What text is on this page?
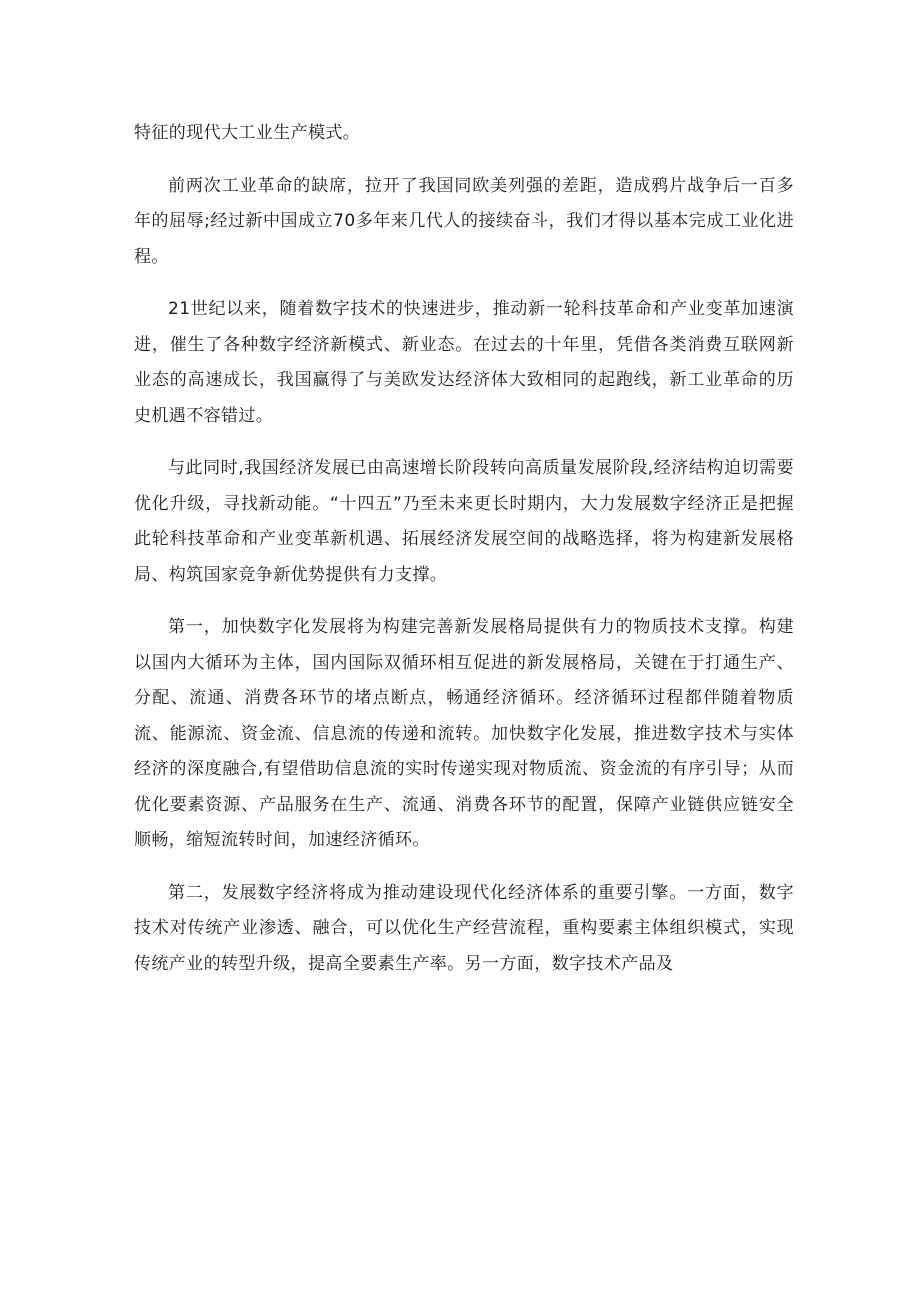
特征的现代大工业生产模式。

前两次工业革命的缺席，拉开了我国同欧美列强的差距，造成鸦片战争后一百多年的屈辱;经过新中国成立70多年来几代人的接续奋斗，我们才得以基本完成工业化进程。

21世纪以来，随着数字技术的快速进步，推动新一轮科技革命和产业变革加速演进，催生了各种数字经济新模式、新业态。在过去的十年里，凭借各类消费互联网新业态的高速成长，我国赢得了与美欧发达经济体大致相同的起跑线，新工业革命的历史机遇不容错过。

与此同时,我国经济发展已由高速增长阶段转向高质量发展阶段,经济结构迫切需要优化升级，寻找新动能。“十四五”乃至未来更长时期内，大力发展数字经济正是把握此轮科技革命和产业变革新机遇、拓展经济发展空间的战略选择，将为构建新发展格局、构筑国家竞争新优势提供有力支撑。

第一，加快数字化发展将为构建完善新发展格局提供有力的物质技术支撑。构建以国内大循环为主体，国内国际双循环相互促进的新发展格局，关键在于打通生产、分配、流通、消费各环节的堵点断点，畅通经济循环。经济循环过程都伴随着物质流、能源流、资金流、信息流的传递和流转。加快数字化发展，推进数字技术与实体经济的深度融合,有望借助信息流的实时传递实现对物质流、资金流的有序引导；从而优化要素资源、产品服务在生产、流通、消费各环节的配置，保障产业链供应链安全顺畅，缩短流转时间，加速经济循环。

第二，发展数字经济将成为推动建设现代化经济体系的重要引擎。一方面，数字技术对传统产业渗透、融合，可以优化生产经营流程，重构要素主体组织模式，实现传统产业的转型升级，提高全要素生产率。另一方面，数字技术产品及
